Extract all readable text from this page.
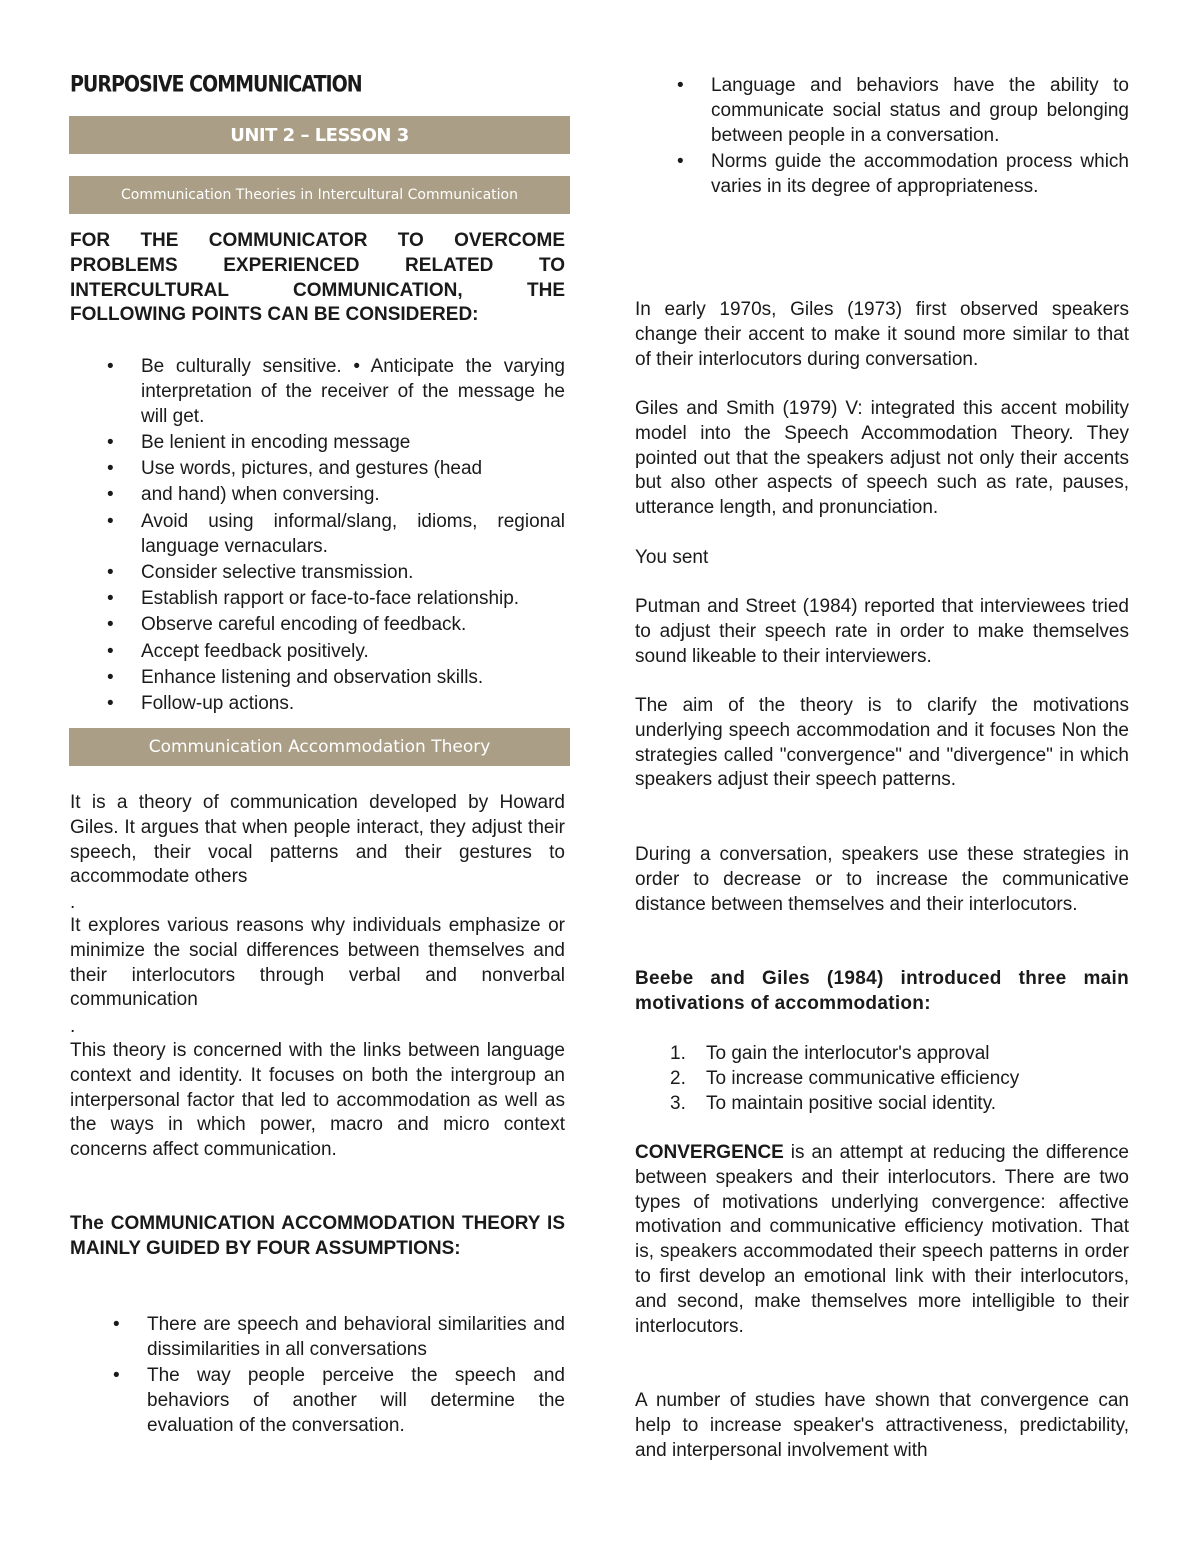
PURPOSIVE COMMUNICATION
UNIT 2 – LESSON 3
Communication Theories in Intercultural Communication
FOR THE COMMUNICATOR TO OVERCOME PROBLEMS EXPERIENCED RELATED TO INTERCULTURAL COMMUNICATION, THE FOLLOWING POINTS CAN BE CONSIDERED:
• Be culturally sensitive. • Anticipate the varying interpretation of the receiver of the message he will get.
• Be lenient in encoding message
• Use words, pictures, and gestures (head
• and hand) when conversing.
• Avoid using informal/slang, idioms, regional language vernaculars.
• Consider selective transmission.
• Establish rapport or face-to-face relationship.
• Observe careful encoding of feedback.
• Accept feedback positively.
• Enhance listening and observation skills.
• Follow-up actions.
Communication Accommodation Theory
It is a theory of communication developed by Howard Giles. It argues that when people interact, they adjust their speech, their vocal patterns and their gestures to accommodate others
.
It explores various reasons why individuals emphasize or minimize the social differences between themselves and their interlocutors through verbal and nonverbal communication
.
This theory is concerned with the links between language context and identity. It focuses on both the intergroup an interpersonal factor that led to accommodation as well as the ways in which power, macro and micro context concerns affect communication.
The COMMUNICATION ACCOMMODATION THEORY IS MAINLY GUIDED BY FOUR ASSUMPTIONS:
• There are speech and behavioral similarities and dissimilarities in all conversations
• The way people perceive the speech and behaviors of another will determine the evaluation of the conversation.
• Language and behaviors have the ability to communicate social status and group belonging between people in a conversation.
• Norms guide the accommodation process which varies in its degree of appropriateness.
In early 1970s, Giles (1973) first observed speakers change their accent to make it sound more similar to that of their interlocutors during conversation.
Giles and Smith (1979) V: integrated this accent mobility model into the Speech Accommodation Theory. They pointed out that the speakers adjust not only their accents but also other aspects of speech such as rate, pauses, utterance length, and pronunciation.
You sent
Putman and Street (1984) reported that interviewees tried to adjust their speech rate in order to make themselves sound likeable to their interviewers.
The aim of the theory is to clarify the motivations underlying speech accommodation and it focuses Non the strategies called "convergence" and "divergence" in which speakers adjust their speech patterns.
During a conversation, speakers use these strategies in order to decrease or to increase the communicative distance between themselves and their interlocutors.
Beebe and Giles (1984) introduced three main motivations of accommodation:
1. To gain the interlocutor's approval
2. To increase communicative efficiency
3. To maintain positive social identity.
CONVERGENCE is an attempt at reducing the difference between speakers and their interlocutors. There are two types of motivations underlying convergence: affective motivation and communicative efficiency motivation. That is, speakers accommodated their speech patterns in order to first develop an emotional link with their interlocutors, and second, make themselves more intelligible to their interlocutors.
A number of studies have shown that convergence can help to increase speaker's attractiveness, predictability, and interpersonal involvement with
